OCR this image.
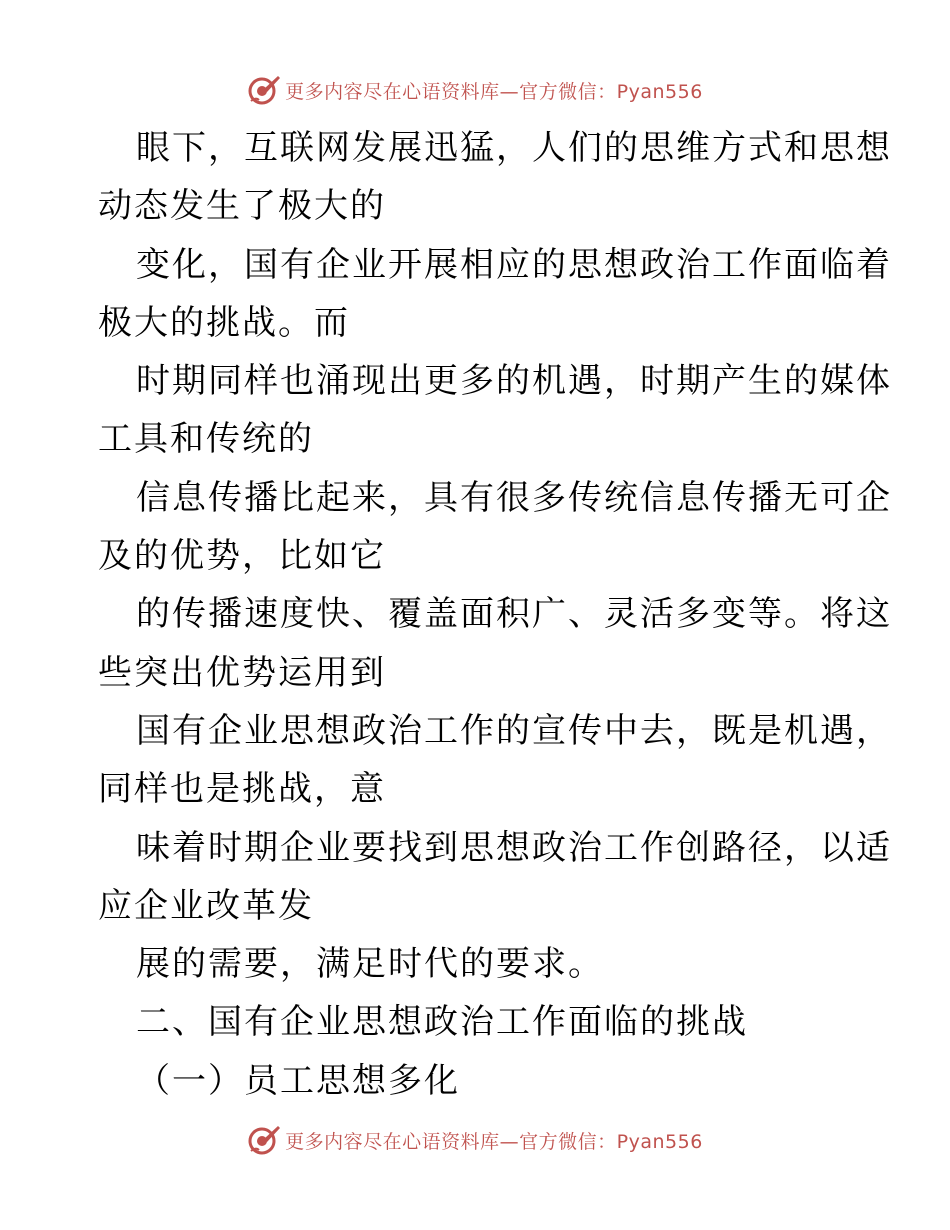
更多内容尽在心语资料库—官方微信：Pyan556
眼下，互联网发展迅猛，人们的思维方式和思想
动态发生了极大的
变化，国有企业开展相应的思想政治工作面临着
极大的挑战。而
时期同样也涌现出更多的机遇，时期产生的媒体
工具和传统的
信息传播比起来，具有很多传统信息传播无可企
及的优势，比如它
的传播速度快、覆盖面积广、灵活多变等。将这
些突出优势运用到
国有企业思想政治工作的宣传中去，既是机遇，
同样也是挑战，意
味着时期企业要找到思想政治工作创路径，以适
应企业改革发
展的需要，满足时代的要求。
二、国有企业思想政治工作面临的挑战
（一）员工思想多化
更多内容尽在心语资料库—官方微信：Pyan556
